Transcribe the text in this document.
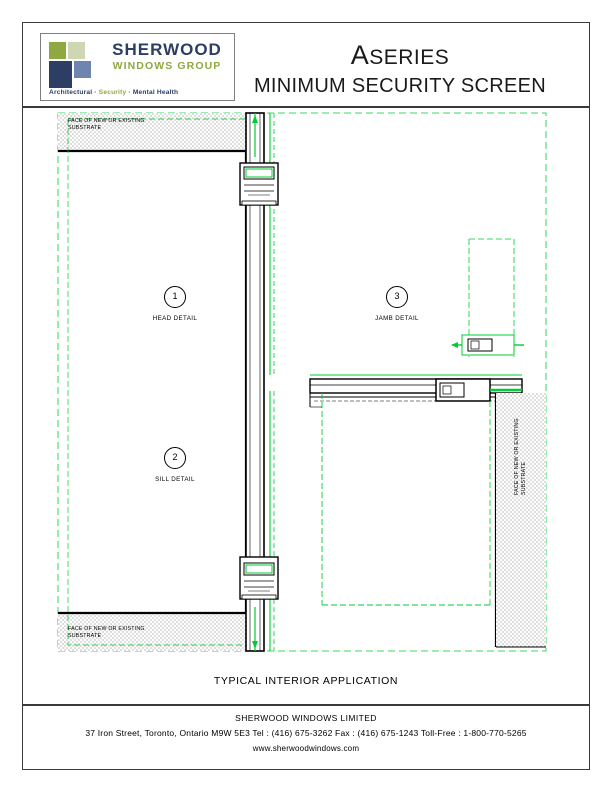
SHERWOOD
WINDOWS GROUP
Architectural · Security · Mental Health
ASERIES
MINIMUM SECURITY SCREEN
FACE OF NEW OR EXISTING
SUBSTRATE
FACE OF NEW OR EXISTING
SUBSTRATE
FACE OF NEW OR EXISTING
SUBSTRATE
1
HEAD DETAIL
2
SILL DETAIL
3
JAMB DETAIL
TYPICAL INTERIOR APPLICATION
SHERWOOD WINDOWS LIMITED
37 Iron Street, Toronto, Ontario M9W 5E3 Tel : (416) 675-3262 Fax : (416) 675-1243 Toll-Free : 1-800-770-5265
www.sherwoodwindows.com
